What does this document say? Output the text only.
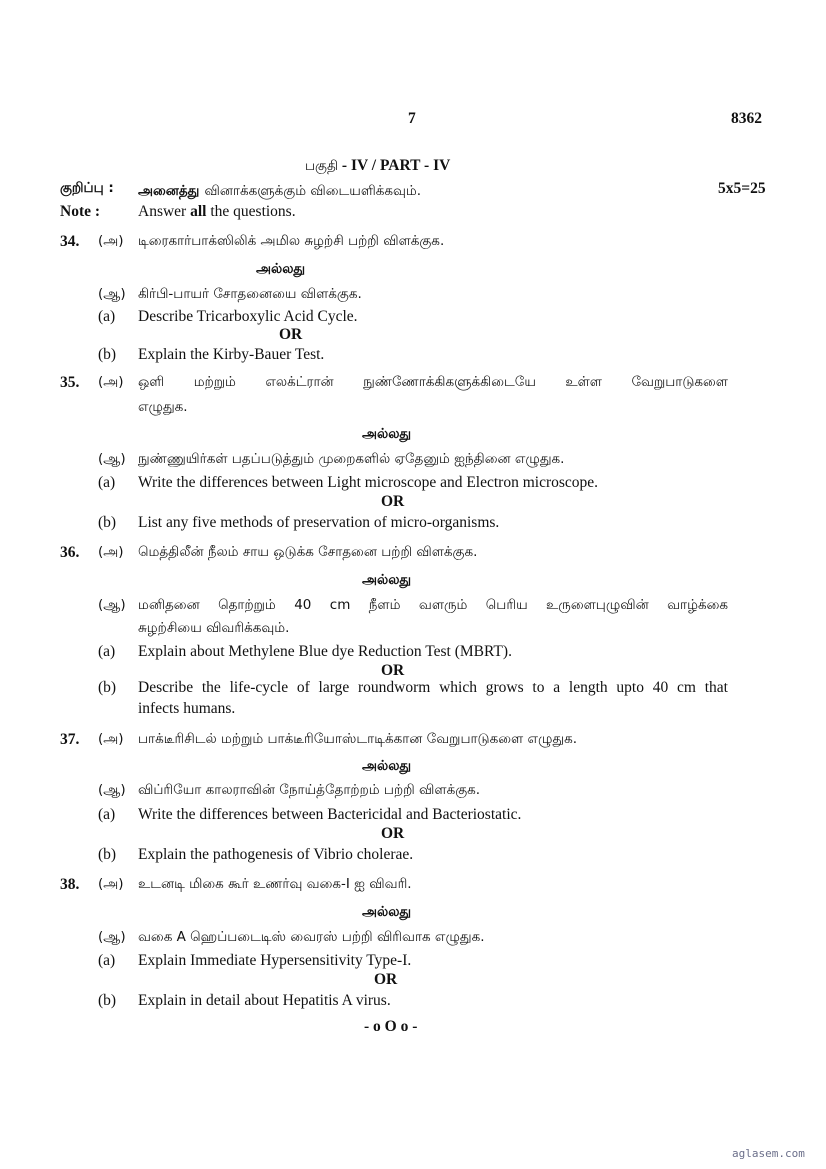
7	8362
பகுதி - IV / PART - IV
குறிப்பு : அனைத்து வினாக்களுக்கும் விடையளிக்கவும்.	5x5=25
Note : Answer all the questions.
34. (அ) டிரைகார்பாக்ஸிலிக் அமில சுழற்சி பற்றி விளக்குக.
அல்லது
(ஆ) கிர்பி-பாயர் சோதனையை விளக்குக.
(a) Describe Tricarboxylic Acid Cycle.
OR
(b) Explain the Kirby-Bauer Test.
35. (அ) ஒளி மற்றும் எலக்ட்ரான் நுண்ணோக்கிகளுக்கிடையே உள்ள வேறுபாடுகளை
எழுதுக.
அல்லது
(ஆ) நுண்ணுயிர்கள் பதப்படுத்தும் முறைகளில் ஏதேனும் ஐந்தினை எழுதுக.
(a) Write the differences between Light microscope and Electron microscope.
OR
(b) List any five methods of preservation of micro-organisms.
36. (அ) மெத்திலீன் நீலம் சாய ஒடுக்க சோதனை பற்றி விளக்குக.
அல்லது
(ஆ) மனிதனை தொற்றும் 40 cm நீளம் வளரும் பெரிய உருளைபுழுவின் வாழ்க்கை
சுழற்சியை விவரிக்கவும்.
(a) Explain about Methylene Blue dye Reduction Test (MBRT).
OR
(b) Describe the life-cycle of large roundworm which grows to a length upto 40 cm that
infects humans.
37. (அ) பாக்டீரிசிடல் மற்றும் பாக்டீரியோஸ்டாடிக்கான வேறுபாடுகளை எழுதுக.
அல்லது
(ஆ) விப்ரியோ காலராவின் நோய்த்தோற்றம் பற்றி விளக்குக.
(a) Write the differences between Bactericidal and Bacteriostatic.
OR
(b) Explain the pathogenesis of Vibrio cholerae.
38. (அ) உடனடி மிகை கூர் உணர்வு வகை-I ஐ விவரி.
அல்லது
(ஆ) வகை A ஹெப்படைடிஸ் வைரஸ் பற்றி விரிவாக எழுதுக.
(a) Explain Immediate Hypersensitivity Type-I.
OR
(b) Explain in detail about Hepatitis A virus.
- o O o -
aglasem.com
